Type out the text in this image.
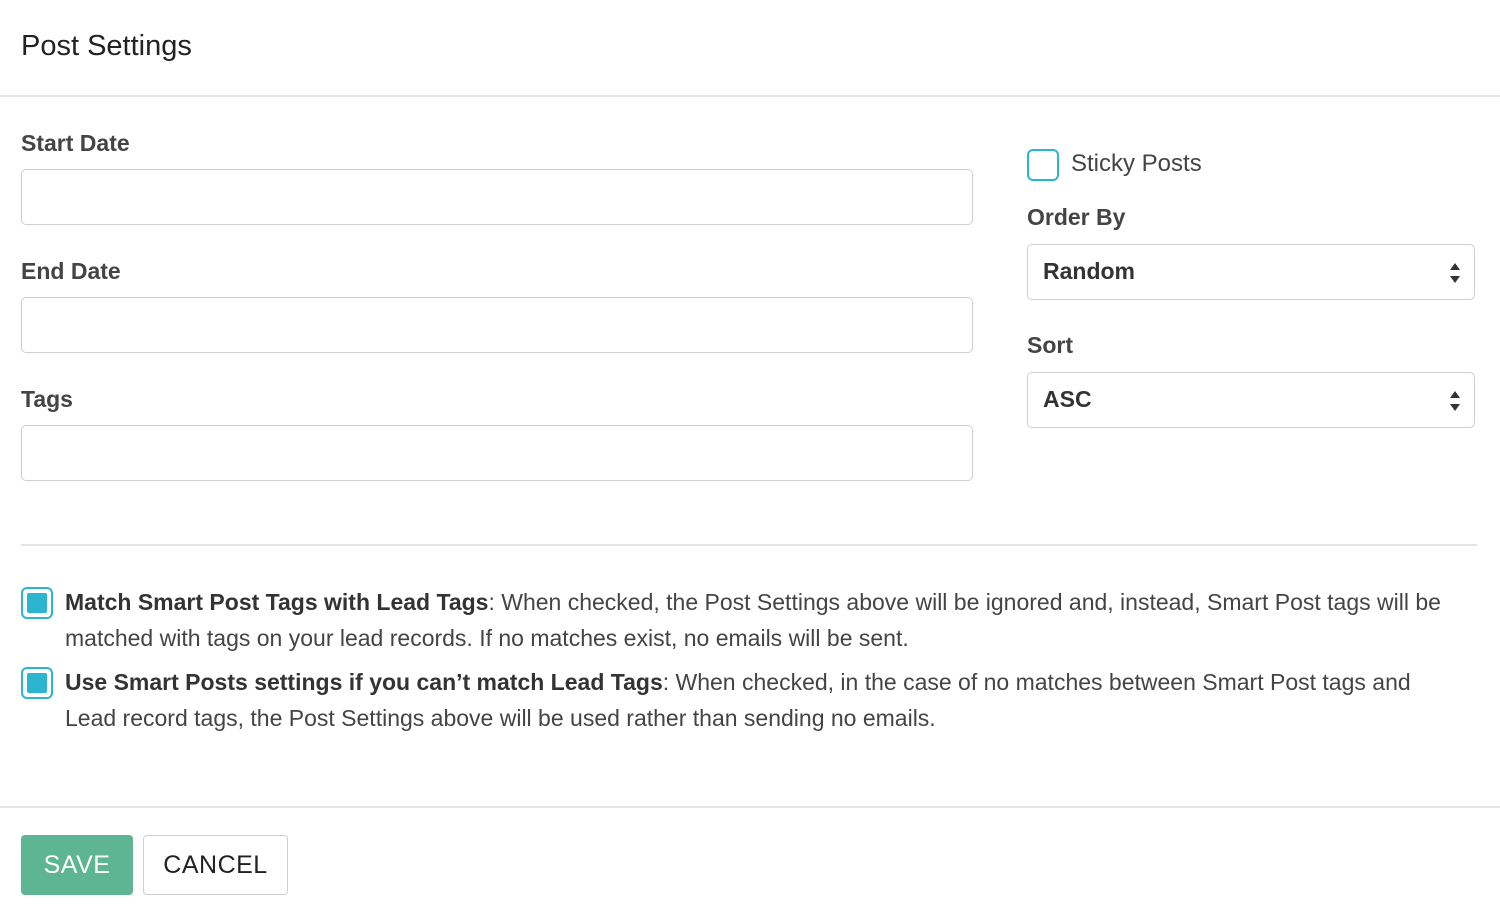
Post Settings
Start Date
End Date
Tags
Sticky Posts
Order By
Random
Sort
ASC
Match Smart Post Tags with Lead Tags: When checked, the Post Settings above will be ignored and, instead, Smart Post tags will be matched with tags on your lead records. If no matches exist, no emails will be sent.
Use Smart Posts settings if you can’t match Lead Tags: When checked, in the case of no matches between Smart Post tags and Lead record tags, the Post Settings above will be used rather than sending no emails.
SAVE	CANCEL
